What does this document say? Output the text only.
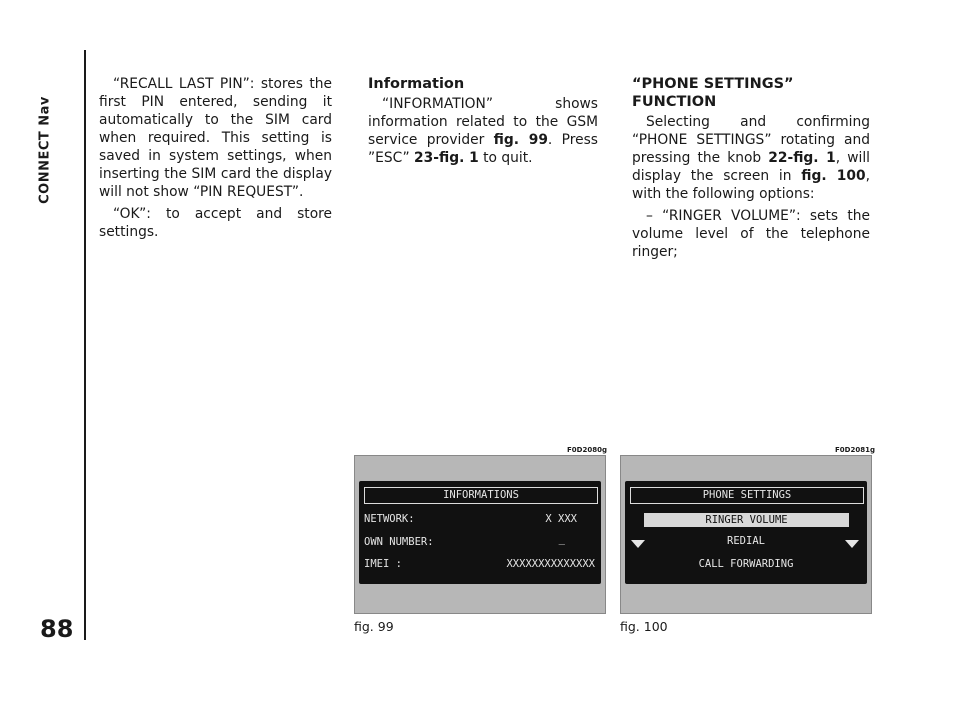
CONNECT Nav
88

“RECALL LAST PIN”: stores the first PIN entered, sending it automatically to the SIM card when required. This setting is saved in system settings, when inserting the SIM card the display will not show “PIN REQUEST”.

“OK”: to accept and store settings.

Information

“INFORMATION” shows information related to the GSM service provider fig. 99. Press ”ESC” 23-fig. 1 to quit.

“PHONE SETTINGS”
FUNCTION

Selecting and confirming “PHONE SETTINGS” rotating and pressing the knob 22-fig. 1, will display the screen in fig. 100, with the following options:

– “RINGER VOLUME”: sets the volume level of the telephone ringer;

F0D2080g
INFORMATIONS
NETWORK:	X XXX
OWN NUMBER:	_
IMEI :	XXXXXXXXXXXXXX
fig. 99
F0D2081g
PHONE SETTINGS
RINGER VOLUME
REDIAL
CALL FORWARDING
fig. 100
